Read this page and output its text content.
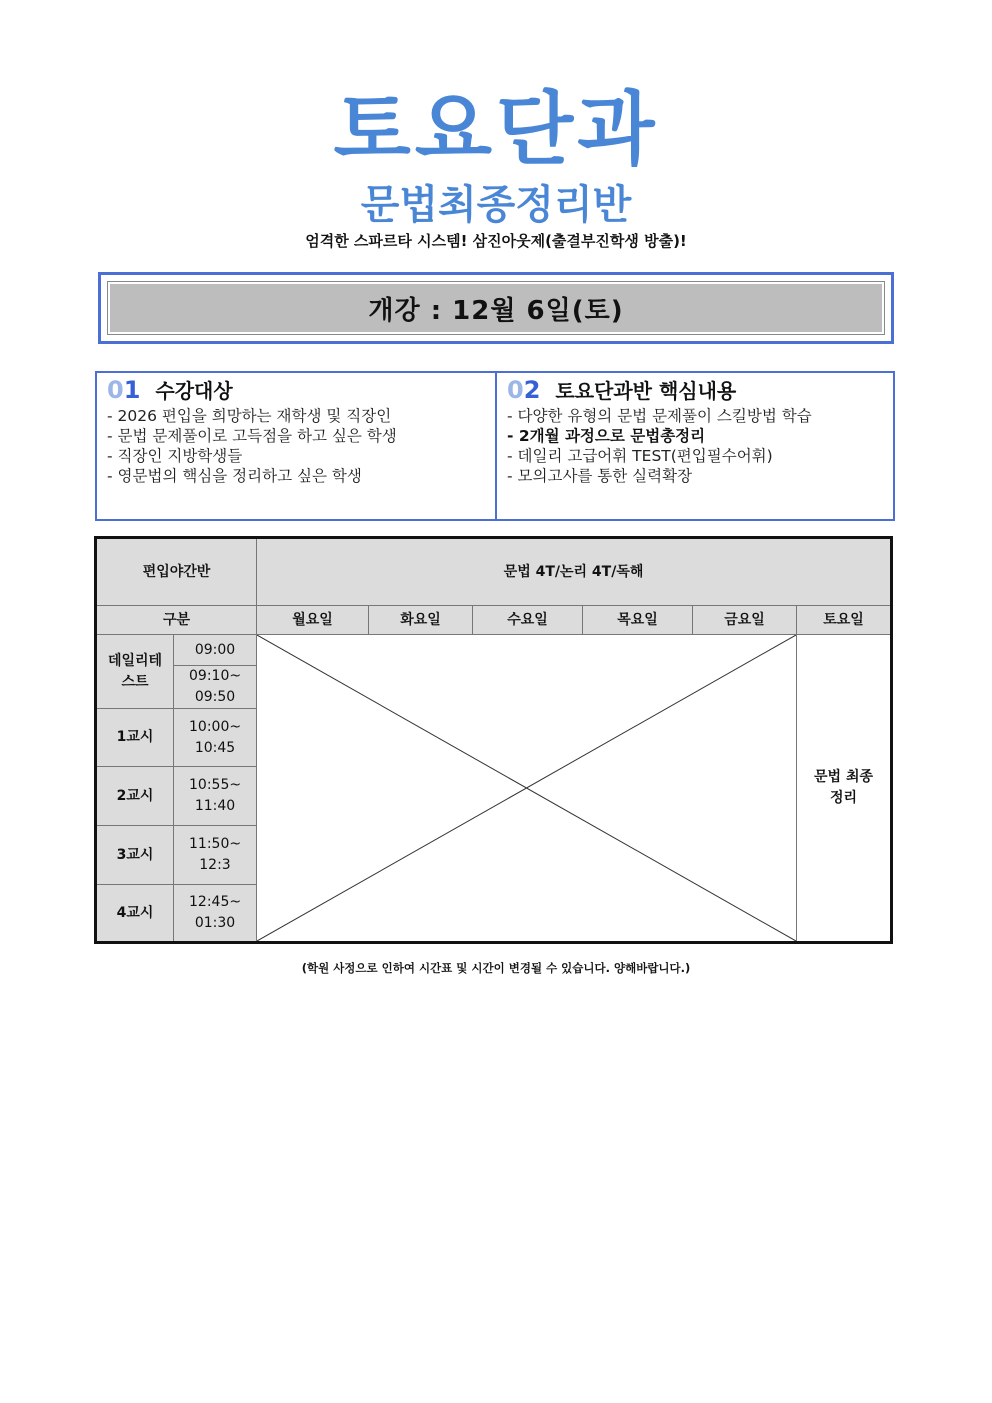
토요단과
문법최종정리반
엄격한 스파르타 시스템! 삼진아웃제(출결부진학생 방출)!
개강 : 12월 6일(토)
01 수강대상
- 2026 편입을 희망하는 재학생 및 직장인
- 문법 문제풀이로 고득점을 하고 싶은 학생
- 직장인 지방학생들
- 영문법의 핵심을 정리하고 싶은 학생
02 토요단과반 핵심내용
- 다양한 유형의 문법 문제풀이 스킬방법 학습
- 2개월 과정으로 문법총정리
- 데일리 고급어휘 TEST(편입필수어휘)
- 모의고사를 통한 실력확장
편입야간반		문법 4T/논리 4T/독해					
구분		월요일	화요일	수요일	목요일	금요일	토요일
데일리테스트	09:00						문법 최종정리
	09:10~ 09:50						
1교시	10:00~ 10:45						
2교시	10:55~ 11:40						
3교시	11:50~ 12:3						
4교시	12:45~ 01:30						
(학원 사정으로 인하여 시간표 및 시간이 변경될 수 있습니다. 양해바랍니다.)
